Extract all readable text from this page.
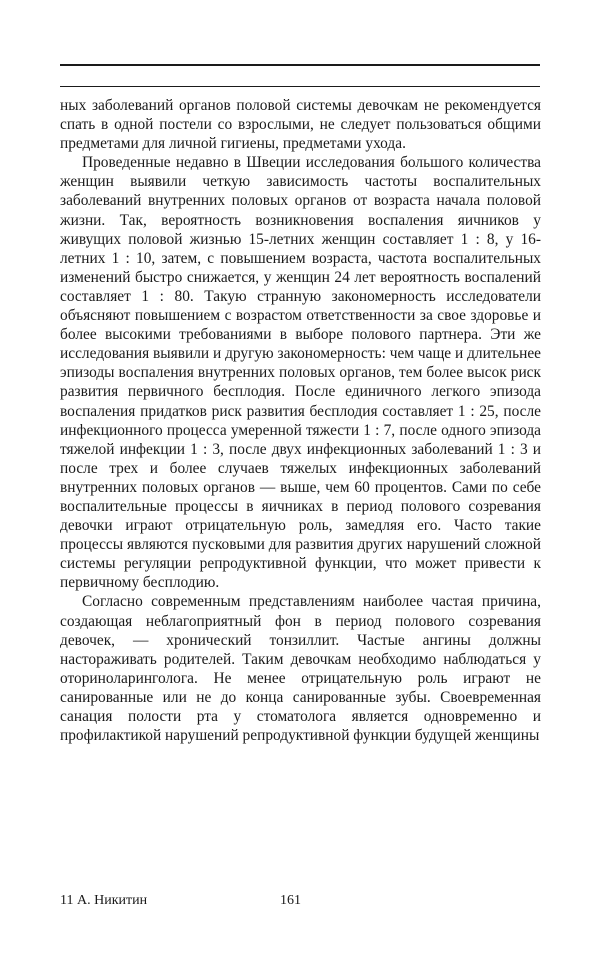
ных заболеваний органов половой системы девочкам не рекомендуется спать в одной постели со взрослыми, не следует пользоваться общими предметами для личной гигиены, предметами ухода.

Проведенные недавно в Швеции исследования большого количества женщин выявили четкую зависимость частоты воспалительных заболеваний внутренних половых органов от возраста начала половой жизни. Так, вероятность возникновения воспаления яичников у живущих половой жизнью 15-летних женщин составляет 1 : 8, у 16-летних 1 : 10, затем, с повышением возраста, частота воспалительных изменений быстро снижается, у женщин 24 лет вероятность воспалений составляет 1 : 80. Такую странную закономерность исследователи объясняют повышением с возрастом ответственности за свое здоровье и более высокими требованиями в выборе полового партнера. Эти же исследования выявили и другую закономерность: чем чаще и длительнее эпизоды воспаления внутренних половых органов, тем более высок риск развития первичного бесплодия. После единичного легкого эпизода воспаления придатков риск развития бесплодия составляет 1 : 25, после инфекционного процесса умеренной тяжести 1 : 7, после одного эпизода тяжелой инфекции 1 : 3, после двух инфекционных заболеваний 1 : 3 и после трех и более случаев тяжелых инфекционных заболеваний внутренних половых органов — выше, чем 60 процентов. Сами по себе воспалительные процессы в яичниках в период полового созревания девочки играют отрицательную роль, замедляя его. Часто такие процессы являются пусковыми для развития других нарушений сложной системы регуляции репродуктивной функции, что может привести к первичному бесплодию.

Согласно современным представлениям наиболее частая причина, создающая неблагоприятный фон в период полового созревания девочек, — хронический тонзиллит. Частые ангины должны настораживать родителей. Таким девочкам необходимо наблюдаться у оториноларинголога. Не менее отрицательную роль играют не санированные или не до конца санированные зубы. Своевременная санация полости рта у стоматолога является одновременно и профилактикой нарушений репродуктивной функции будущей женщины

11 А. Никитин	161
